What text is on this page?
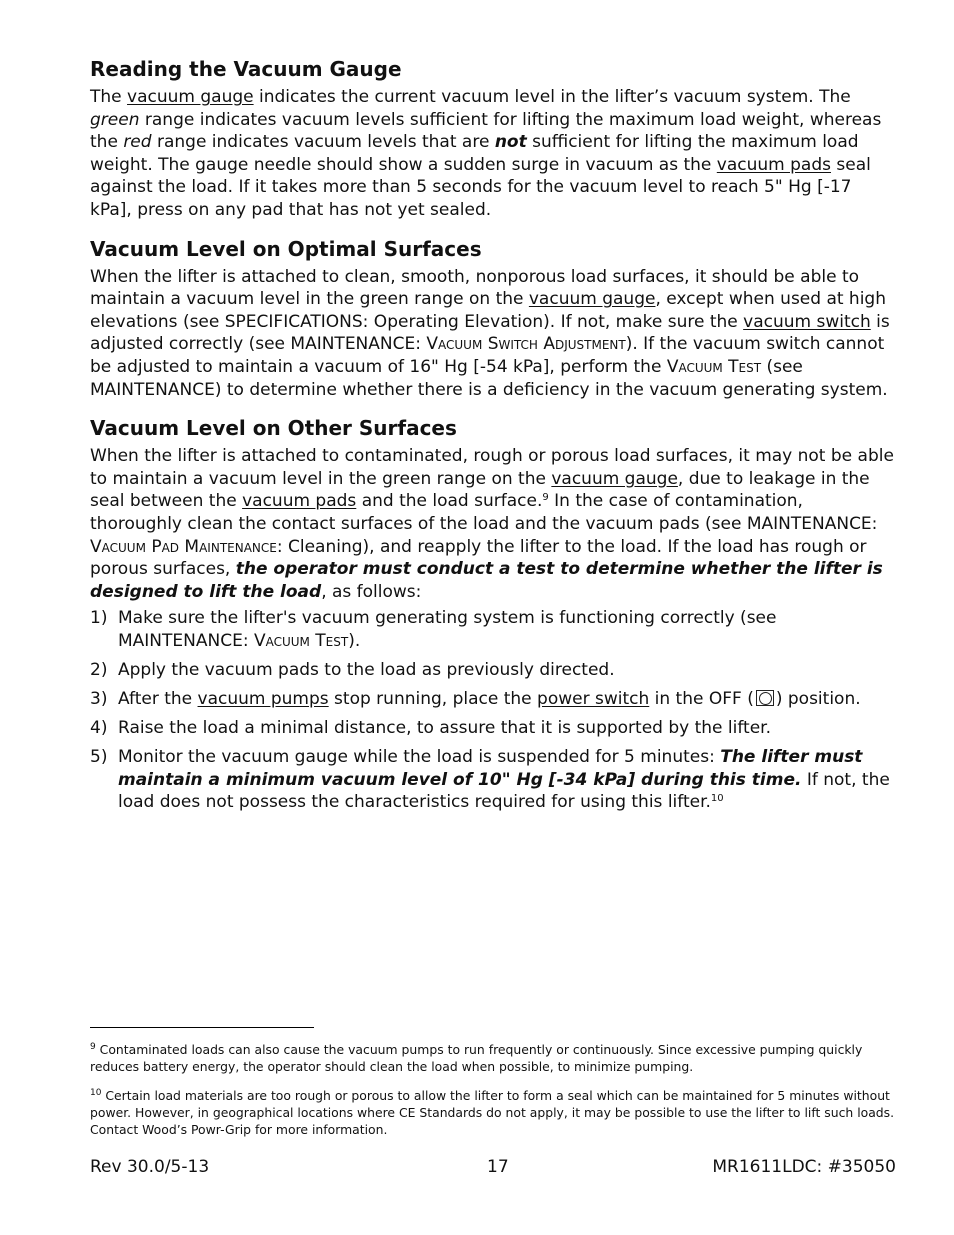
Reading the Vacuum Gauge

The vacuum gauge indicates the current vacuum level in the lifter’s vacuum system. The green range indicates vacuum levels sufficient for lifting the maximum load weight, whereas the red range indicates vacuum levels that are not sufficient for lifting the maximum load weight. The gauge needle should show a sudden surge in vacuum as the vacuum pads seal against the load. If it takes more than 5 seconds for the vacuum level to reach 5" Hg [-17 kPa], press on any pad that has not yet sealed.

Vacuum Level on Optimal Surfaces

When the lifter is attached to clean, smooth, nonporous load surfaces, it should be able to maintain a vacuum level in the green range on the vacuum gauge, except when used at high elevations (see SPECIFICATIONS: Operating Elevation). If not, make sure the vacuum switch is adjusted correctly (see MAINTENANCE: Vacuum Switch Adjustment). If the vacuum switch cannot be adjusted to maintain a vacuum of 16" Hg [-54 kPa], perform the Vacuum Test (see MAINTENANCE) to determine whether there is a deficiency in the vacuum generating system.

Vacuum Level on Other Surfaces

When the lifter is attached to contaminated, rough or porous load surfaces, it may not be able to maintain a vacuum level in the green range on the vacuum gauge, due to leakage in the seal between the vacuum pads and the load surface.$^9$ In the case of contamination, thoroughly clean the contact surfaces of the load and the vacuum pads (see MAINTENANCE: Vacuum Pad Maintenance: Cleaning), and reapply the lifter to the load. If the load has rough or porous surfaces, the operator must conduct a test to determine whether the lifter is designed to lift the load, as follows:

1) Make sure the lifter's vacuum generating system is functioning correctly (see MAINTENANCE: Vacuum Test).
2) Apply the vacuum pads to the load as previously directed.
3) After the vacuum pumps stop running, place the power switch in the OFF ( ) position.
4) Raise the load a minimal distance, to assure that it is supported by the lifter.
5) Monitor the vacuum gauge while the load is suspended for 5 minutes: The lifter must maintain a minimum vacuum level of 10" Hg [-34 kPa] during this time. If not, the load does not possess the characteristics required for using this lifter.$^{10}$
$^9$ Contaminated loads can also cause the vacuum pumps to run frequently or continuously. Since excessive pumping quickly reduces battery energy, the operator should clean the load when possible, to minimize pumping.
$^{10}$ Certain load materials are too rough or porous to allow the lifter to form a seal which can be maintained for 5 minutes without power. However, in geographical locations where CE Standards do not apply, it may be possible to use the lifter to lift such loads. Contact Wood’s Powr-Grip for more information.
Rev 30.0/5-13	17	MR1611LDC: #35050
